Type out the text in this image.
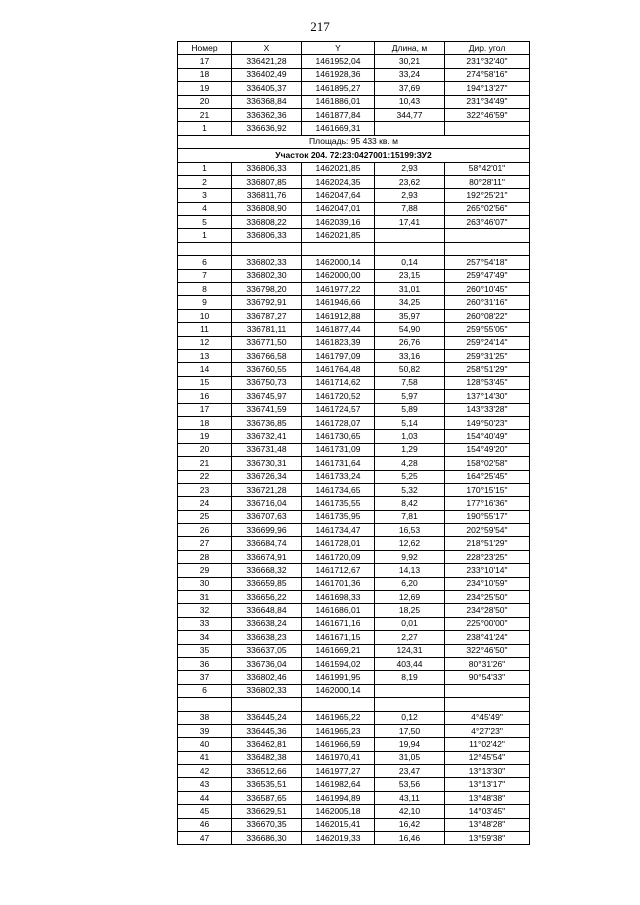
217
Номер	X	Y	Длина, м	Дир. угол
17	336421,28	1461952,04	30,21	231°32'40"
18	336402,49	1461928,36	33,24	274°58'16"
19	336405,37	1461895,27	37,69	194°13'27"
20	336368,84	1461886,01	10,43	231°34'49"
21	336362,36	1461877,84	344,77	322°46'59"
1	336636,92	1461669,31		
Площадь: 95 433 кв. м				
Участок 204. 72:23:0427001:15199:ЗУ2				
1	336806,33	1462021,85	2,93	58°42'01"
2	336807,85	1462024,35	23,62	80°28'11"
3	336811,76	1462047,64	2,93	192°25'21"
4	336808,90	1462047,01	7,88	265°02'56"
5	336808,22	1462039,16	17,41	263°46'07"
1	336806,33	1462021,85		

6	336802,33	1462000,14	0,14	257°54'18"
7	336802,30	1462000,00	23,15	259°47'49"
8	336798,20	1461977,22	31,01	260°10'45"
9	336792,91	1461946,66	34,25	260°31'16"
10	336787,27	1461912,88	35,97	260°08'22"
11	336781,11	1461877,44	54,90	259°55'05"
12	336771,50	1461823,39	26,76	259°24'14"
13	336766,58	1461797,09	33,16	259°31'25"
14	336760,55	1461764,48	50,82	258°51'29"
15	336750,73	1461714,62	7,58	128°53'45"
16	336745,97	1461720,52	5,97	137°14'30"
17	336741,59	1461724,57	5,89	143°33'28"
18	336736,85	1461728,07	5,14	149°50'23"
19	336732,41	1461730,65	1,03	154°40'49"
20	336731,48	1461731,09	1,29	154°49'20"
21	336730,31	1461731,64	4,28	158°02'58"
22	336726,34	1461733,24	5,25	164°25'45"
23	336721,28	1461734,65	5,32	170°15'15"
24	336716,04	1461735,55	8,42	177°16'36"
25	336707,63	1461735,95	7,81	190°55'17"
26	336699,96	1461734,47	16,53	202°59'54"
27	336684,74	1461728,01	12,62	218°51'29"
28	336674,91	1461720,09	9,92	228°23'25"
29	336668,32	1461712,67	14,13	233°10'14"
30	336659,85	1461701,36	6,20	234°10'59"
31	336656,22	1461698,33	12,69	234°25'50"
32	336648,84	1461686,01	18,25	234°28'50"
33	336638,24	1461671,16	0,01	225°00'00"
34	336638,23	1461671,15	2,27	238°41'24"
35	336637,05	1461669,21	124,31	322°46'50"
36	336736,04	1461594,02	403,44	80°31'26"
37	336802,46	1461991,95	8,19	90°54'33"
6	336802,33	1462000,14		

38	336445,24	1461965,22	0,12	4°45'49"
39	336445,36	1461965,23	17,50	4°27'23"
40	336462,81	1461966,59	19,94	11°02'42"
41	336482,38	1461970,41	31,05	12°45'54"
42	336512,66	1461977,27	23,47	13°13'30"
43	336535,51	1461982,64	53,56	13°13'17"
44	336587,65	1461994,89	43,11	13°48'38"
45	336629,51	1462005,18	42,10	14°03'45"
46	336670,35	1462015,41	16,42	13°48'28"
47	336686,30	1462019,33	16,46	13°59'38"
